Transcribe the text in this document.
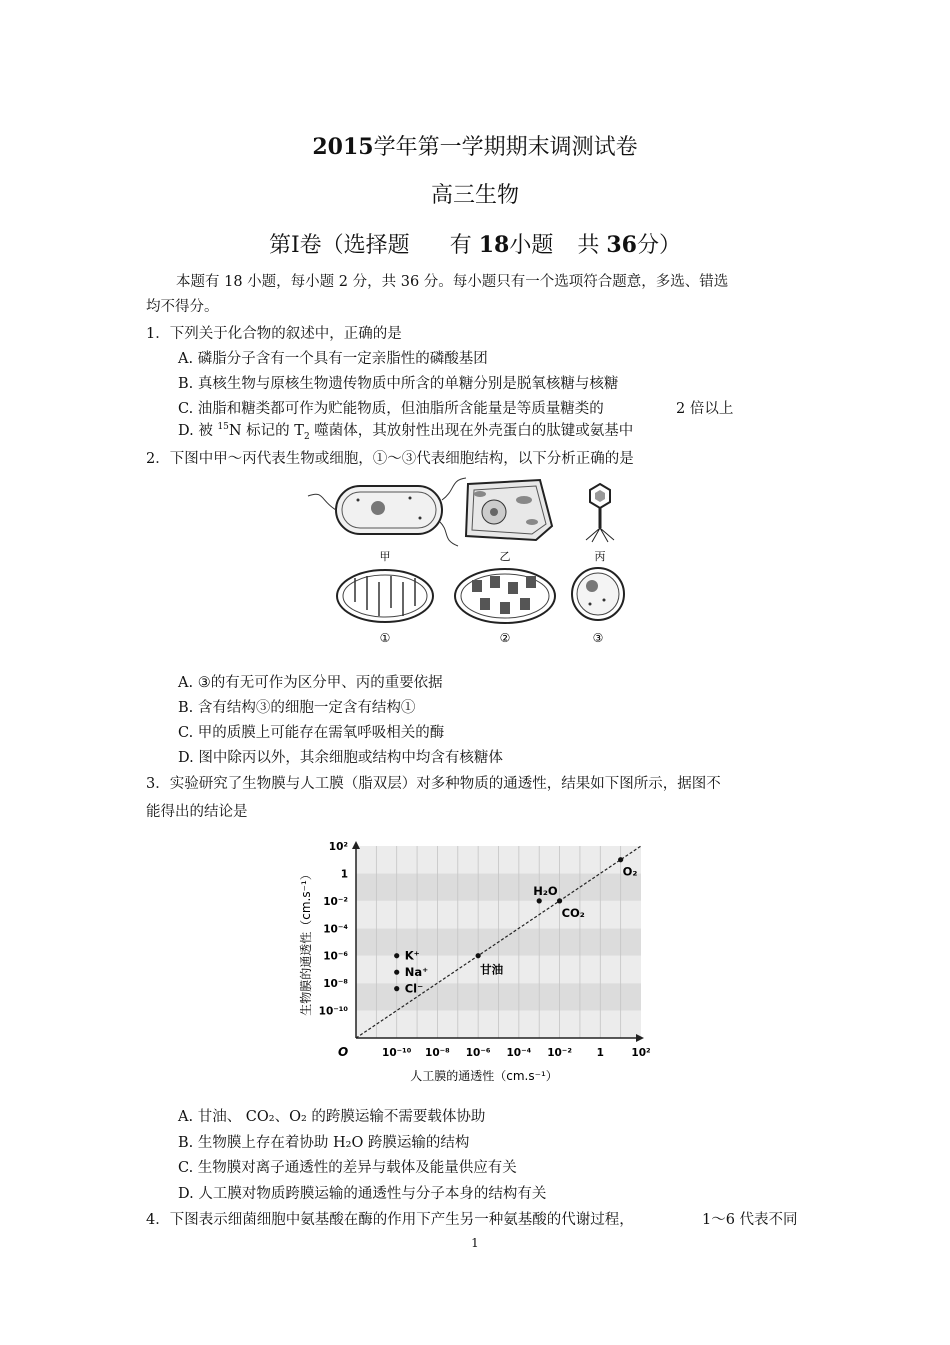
2015学年第一学期期末调测试卷
高三生物
第Ⅰ卷（选择题 有 18小题 共 36分）
本题有 18 小题，每小题 2 分，共 36 分。每小题只有一个选项符合题意，多选、错选
均不得分。
1．下列关于化合物的叙述中，正确的是
A. 磷脂分子含有一个具有一定亲脂性的磷酸基团
B. 真核生物与原核生物遗传物质中所含的单糖分别是脱氧核糖与核糖
C. 油脂和糖类都可作为贮能物质，但油脂所含能量是等质量糖类的	2 倍以上
D. 被 $^{15}$N 标记的 $T_2$ 噬菌体，其放射性出现在外壳蛋白的肽键或氨基中
2．下图中甲～丙代表生物或细胞，①～③代表细胞结构，以下分析正确的是
甲	乙	丙
①	②	③
A. ③的有无可作为区分甲、丙的重要依据
B. 含有结构③的细胞一定含有结构①
C. 甲的质膜上可能存在需氧呼吸相关的酶
D. 图中除丙以外，其余细胞或结构中均含有核糖体
3．实验研究了生物膜与人工膜（脂双层）对多种物质的通透性，结果如下图所示，据图不
能得出的结论是
10⁻¹⁰
10⁻¹⁰
10⁻⁸
10⁻⁸
10⁻⁶
10⁻⁶
10⁻⁴
10⁻⁴
10⁻²
10⁻²
1
1
10²
10²
K⁺
Na⁺
Cl⁻
甘油
H₂O
CO₂
O₂
O
人工膜的通透性（cm.s⁻¹）
生物膜的通透性（cm.s⁻¹）
A. 甘油、 CO₂、O₂ 的跨膜运输不需要载体协助
B. 生物膜上存在着协助 H₂O 跨膜运输的结构
C. 生物膜对离子通透性的差异与载体及能量供应有关
D. 人工膜对物质跨膜运输的通透性与分子本身的结构有关
4．下图表示细菌细胞中氨基酸在酶的作用下产生另一种氨基酸的代谢过程，	1～6 代表不同
1
